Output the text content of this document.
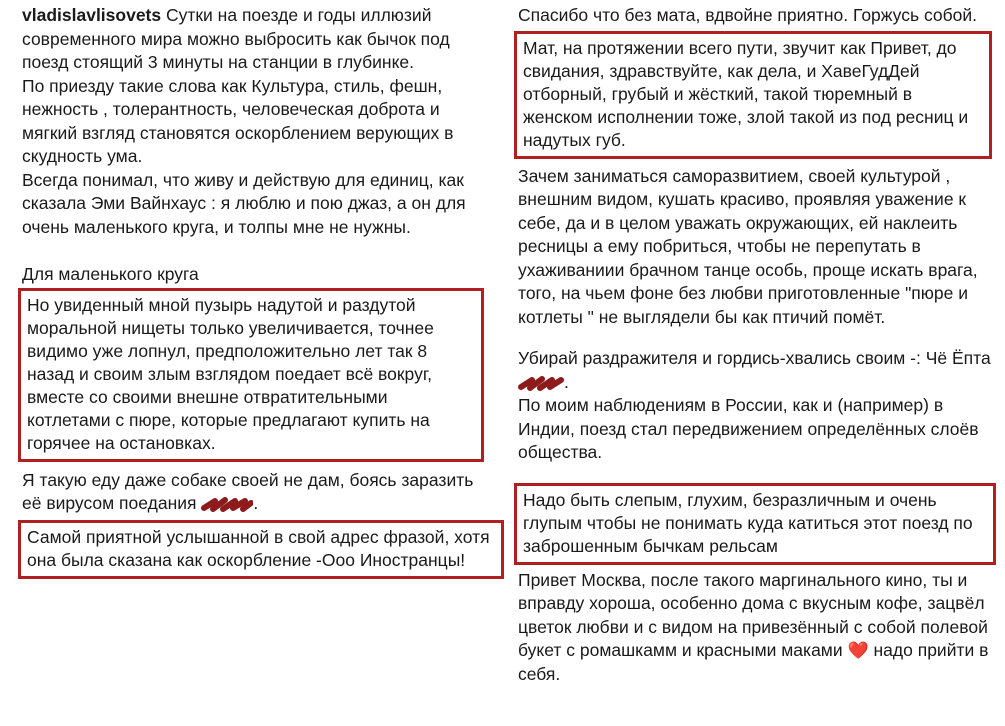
vladislavlisovets Сутки на поезде и годы иллюзий современного мира можно выбросить как бычок под поезд стоящий 3 минуты на станции в глубинке.

По приезду такие слова как Культура, стиль, фешн, нежность , толерантность, человеческая доброта и мягкий взгляд становятся оскорблением верующих в скудность ума.

Всегда понимал, что живу и действую для единиц, как сказала Эми Вайнхаус : я люблю и пою джаз, а он для очень маленького круга, и толпы мне не нужны.

Для маленького круга

Но увиденный мной пузырь надутой и раздутой моральной нищеты только увеличивается, точнее видимо уже лопнул, предположительно лет так 8 назад и своим злым взглядом поедает всё вокруг, вместе со своими внешне отвратительными котлетами с пюре, которые предлагают купить на горячее на остановках.

Я такую еду даже собаке своей не дам, боясь заразить её вирусом поедания	.

Самой приятной услышанной в свой адрес фразой, хотя она была сказана как оскорбление -Ооо Иностранцы!

Спасибо что без мата, вдвойне приятно. Горжусь собой.

Мат, на протяжении всего пути, звучит как Привет, до свидания, здравствуйте, как дела, и ХавеГудДей отборный, грубый и жёсткий, такой тюремный в женском исполнении тоже, злой такой из под ресниц и надутых губ.

Зачем заниматься саморазвитием, своей культурой , внешним видом, кушать красиво, проявляя уважение к себе, да и в целом уважать окружающих, ей наклеить ресницы а ему побриться, чтобы не перепутать в ухаживаниии брачном танце особь, проще искать врага, того, на чьем фоне без любви приготовленные "пюре и котлеты " не выглядели бы как птичий помёт.

Убирай раздражителя и гордись-хвались своим -: Чё Ёпта
.

По моим наблюдениям в России, как и (например) в Индии, поезд стал передвижением определённых слоёв общества.

Надо быть слепым, глухим, безразличным и очень глупым чтобы не понимать куда катиться этот поезд по заброшенным бычкам рельсам

Привет Москва, после такого маргинального кино, ты и вправду хороша, особенно дома с вкусным кофе, зацвёл цветок любви и с видом на привезённый с собой полевой букет с ромашкамм и красными маками ❤️ надо прийти в себя.
